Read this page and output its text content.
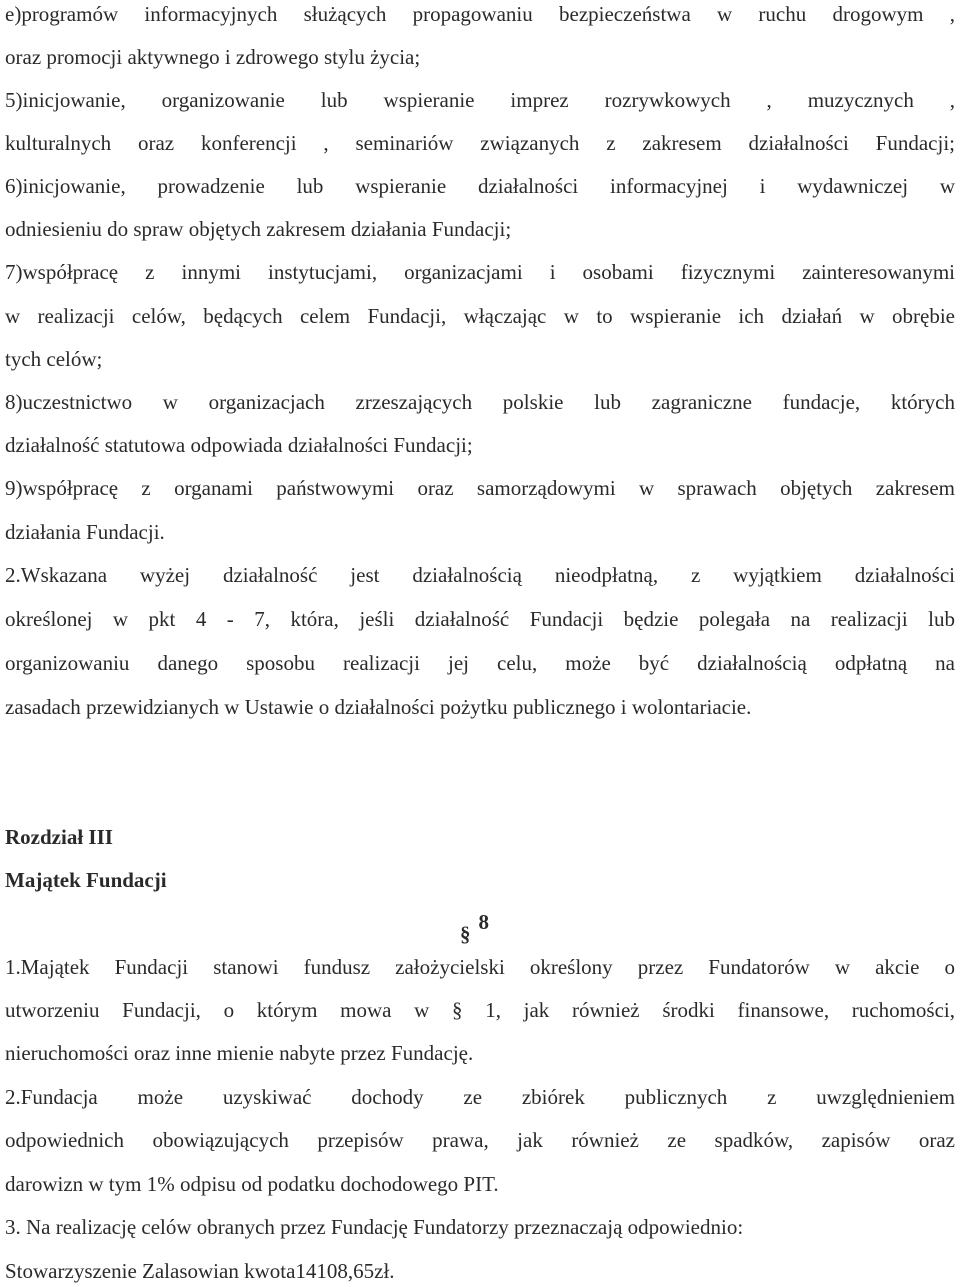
e)programów informacyjnych służących propagowaniu bezpieczeństwa w ruchu drogowym ,
oraz promocji aktywnego i zdrowego stylu życia;
5)inicjowanie, organizowanie lub wspieranie imprez rozrywkowych , muzycznych ,
kulturalnych oraz konferencji , seminariów związanych z zakresem działalności Fundacji;
6)inicjowanie, prowadzenie lub wspieranie działalności informacyjnej i wydawniczej w
odniesieniu do spraw objętych zakresem działania Fundacji;
7)współpracę z innymi instytucjami, organizacjami i osobami fizycznymi zainteresowanymi
w realizacji celów, będących celem Fundacji, włączając w to wspieranie ich działań w obrębie
tych celów;
8)uczestnictwo w organizacjach zrzeszających polskie lub zagraniczne fundacje, których
działalność statutowa odpowiada działalności Fundacji;
9)współpracę z organami państwowymi oraz samorządowymi w sprawach objętych zakresem
działania Fundacji.
2.Wskazana wyżej działalność jest działalnością nieodpłatną, z wyjątkiem działalności
określonej w pkt 4 - 7, która, jeśli działalność Fundacji będzie polegała na realizacji lub
organizowaniu danego sposobu realizacji jej celu, może być działalnością odpłatną na
zasadach przewidzianych w Ustawie o działalności pożytku publicznego i wolontariacie.
Rozdział III
Majątek Fundacji
§ 8
1.Majątek Fundacji stanowi fundusz założycielski określony przez Fundatorów w akcie o
utworzeniu Fundacji, o którym mowa w § 1, jak również środki finansowe, ruchomości,
nieruchomości oraz inne mienie nabyte przez Fundację.
2.Fundacja może uzyskiwać dochody ze zbiórek publicznych z uwzględnieniem
odpowiednich obowiązujących przepisów prawa, jak również ze spadków, zapisów oraz
darowizn w tym 1% odpisu od podatku dochodowego PIT.
3. Na realizację celów obranych przez Fundację Fundatorzy przeznaczają odpowiednio:
Stowarzyszenie Zalasowian kwota14108,65zł.
